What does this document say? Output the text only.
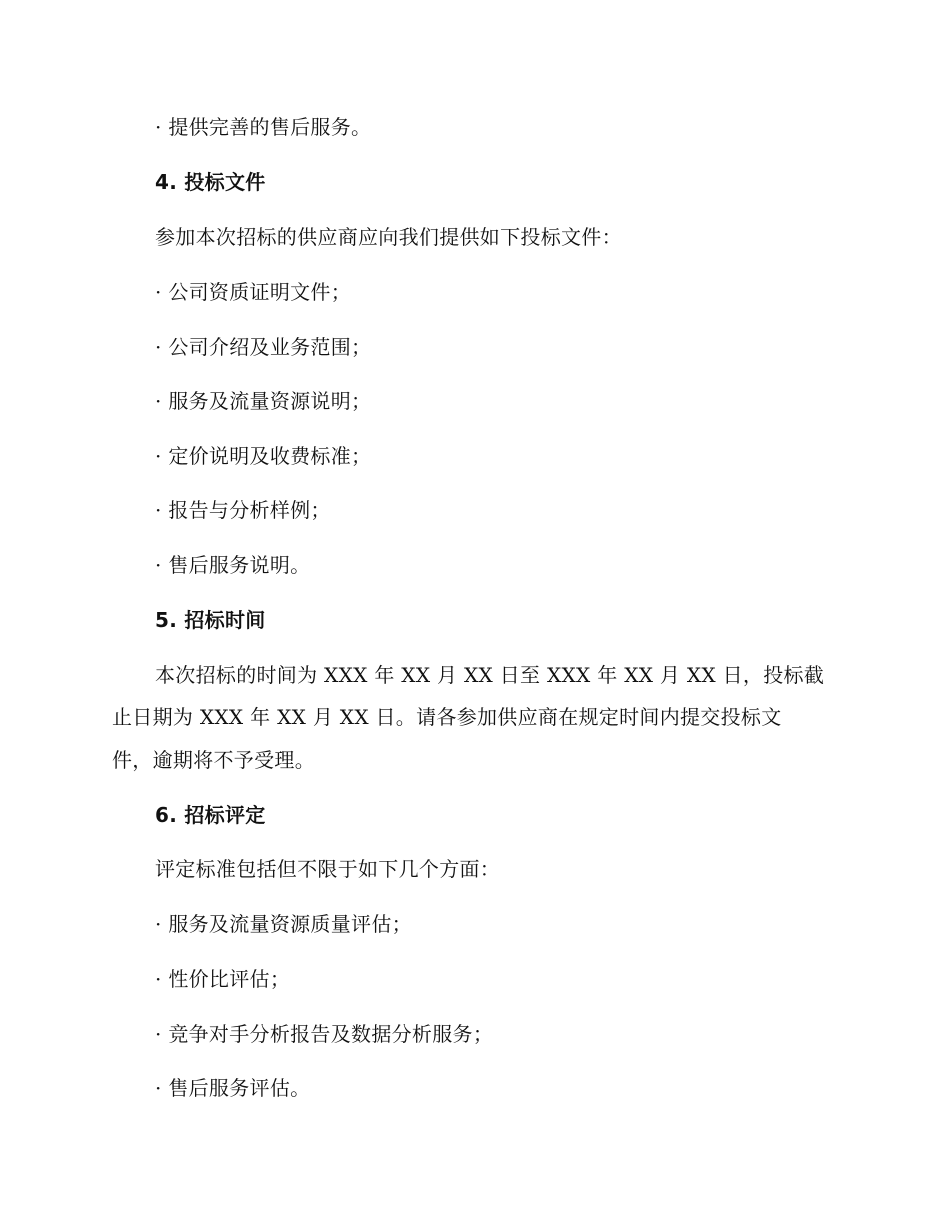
· 提供完善的售后服务。
4. 投标文件
参加本次招标的供应商应向我们提供如下投标文件：
· 公司资质证明文件；
· 公司介绍及业务范围；
· 服务及流量资源说明；
· 定价说明及收费标准；
· 报告与分析样例；
· 售后服务说明。
5. 招标时间
本次招标的时间为 XXX 年 XX 月 XX 日至 XXX 年 XX 月 XX 日，投标截
止日期为 XXX 年 XX 月 XX 日。请各参加供应商在规定时间内提交投标文
件，逾期将不予受理。
6. 招标评定
评定标准包括但不限于如下几个方面：
· 服务及流量资源质量评估；
· 性价比评估；
· 竞争对手分析报告及数据分析服务；
· 售后服务评估。
